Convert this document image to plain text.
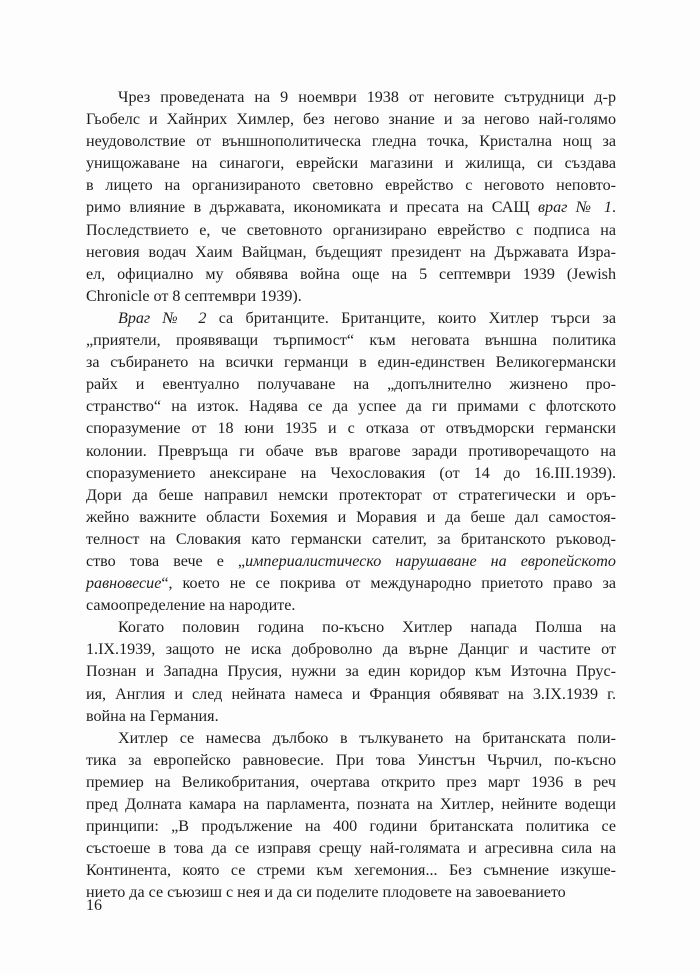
Чрез проведената на 9 ноември 1938 от неговите сътрудници д-р
Гьобелс и Хайнрих Химлер, без негово знание и за негово най-голямо
неудоволствие от външнополитическа гледна точка, Кристална нощ за
унищожаване на синагоги, еврейски магазини и жилища, си създава
в лицето на организираното световно еврейство с неговото неповто-
римо влияние в държавата, икономиката и пресата на САЩ враг № 1.
Последствието е, че световното организирано еврейство с подписа на
неговия водач Хаим Вайцман, бъдещият президент на Държавата Изра-
ел, официално му обявява война още на 5 септември 1939 (Jewish
Chronicle от 8 септември 1939).
Враг № 2 са британците. Британците, които Хитлер търси за
„приятели, проявяващи търпимост“ към неговата външна политика
за събирането на всички германци в един-единствен Великогермански
райх и евентуално получаване на „допълнително жизнено про-
странство“ на изток. Надява се да успее да ги примами с флотското
споразумение от 18 юни 1935 и с отказа от отвъдморски германски
колонии. Превръща ги обаче във врагове заради противоречащото на
споразумението анексиране на Чехословакия (от 14 до 16.III.1939).
Дори да беше направил немски протекторат от стратегически и оръ-
жейно важните области Бохемия и Моравия и да беше дал самостоя-
телност на Словакия като германски сателит, за британското ръковод-
ство това вече е „империалистическо нарушаване на европейското
равновесие“, което не се покрива от международно приетото право за
самоопределение на народите.
Когато половин година по-късно Хитлер напада Полша на
1.IX.1939, защото не иска доброволно да върне Данциг и частите от
Познан и Западна Прусия, нужни за един коридор към Източна Прус-
ия, Англия и след нейната намеса и Франция обявяват на 3.IX.1939 г.
война на Германия.
Хитлер се намесва дълбоко в тълкуването на британската поли-
тика за европейско равновесие. При това Уинстън Чърчил, по-късно
премиер на Великобритания, очертава открито през март 1936 в реч
пред Долната камара на парламента, позната на Хитлер, нейните водещи
принципи: „В продължение на 400 години британската политика се
състоеше в това да се изправя срещу най-голямата и агресивна сила на
Континента, която се стреми към хегемония... Без съмнение изкуше-
нието да се съюзиш с нея и да си поделите плодовете на завоеванието
16
